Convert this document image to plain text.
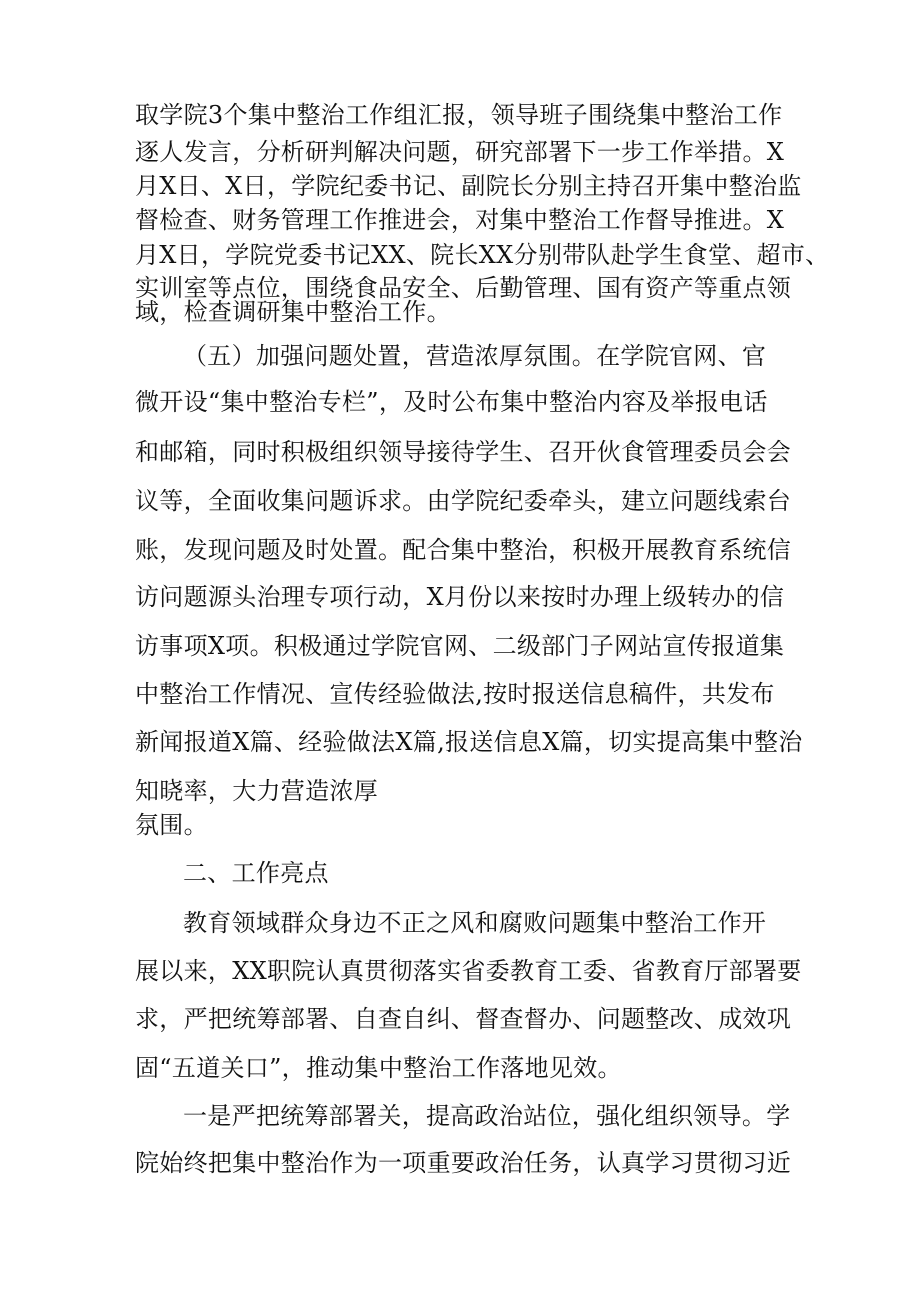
取学院3个集中整治工作组汇报，领导班子围绕集中整治工作
逐人发言，分析研判解决问题，研究部署下一步工作举措。X
月X日、X日，学院纪委书记、副院长分别主持召开集中整治监
督检查、财务管理工作推进会，对集中整治工作督导推进。X
月X日，学院党委书记XX、院长XX分别带队赴学生食堂、超市、
实训室等点位，围绕食品安全、后勤管理、国有资产等重点领
域，检查调研集中整治工作。
（五）加强问题处置，营造浓厚氛围。在学院官网、官
微开设“集中整治专栏”，及时公布集中整治内容及举报电话
和邮箱，同时积极组织领导接待学生、召开伙食管理委员会会
议等，全面收集问题诉求。由学院纪委牵头，建立问题线索台
账，发现问题及时处置。配合集中整治，积极开展教育系统信
访问题源头治理专项行动，X月份以来按时办理上级转办的信
访事项X项。积极通过学院官网、二级部门子网站宣传报道集
中整治工作情况、宣传经验做法,按时报送信息稿件，共发布
新闻报道X篇、经验做法X篇,报送信息X篇，切实提高集中整治
知晓率，大力营造浓厚
氛围。
二、工作亮点
教育领域群众身边不正之风和腐败问题集中整治工作开
展以来，XX职院认真贯彻落实省委教育工委、省教育厅部署要
求，严把统筹部署、自查自纠、督查督办、问题整改、成效巩
固“五道关口”，推动集中整治工作落地见效。
一是严把统筹部署关，提高政治站位，强化组织领导。学
院始终把集中整治作为一项重要政治任务，认真学习贯彻习近
